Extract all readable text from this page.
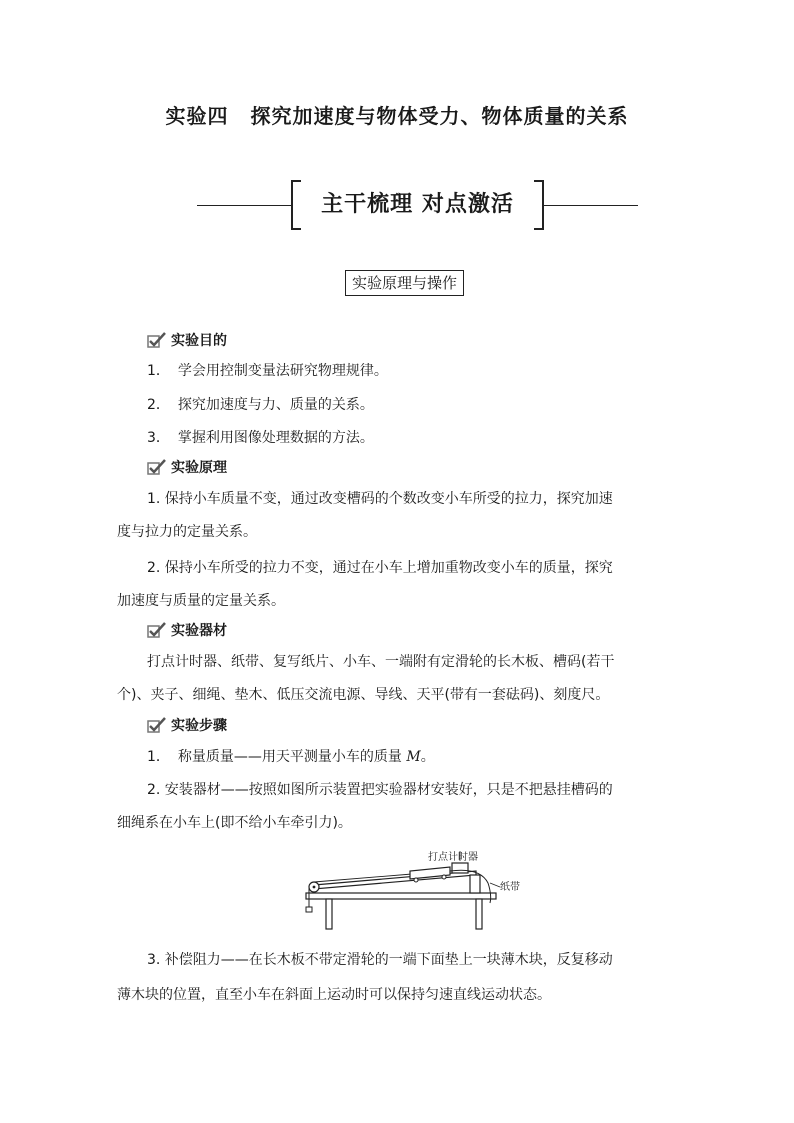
实验四 探究加速度与物体受力、物体质量的关系
主干梳理 对点激活
实验原理与操作
实验目的
1． 学会用控制变量法研究物理规律。
2． 探究加速度与力、质量的关系。
3． 掌握利用图像处理数据的方法。
实验原理
1. 保持小车质量不变，通过改变槽码的个数改变小车所受的拉力，探究加速
度与拉力的定量关系。
2. 保持小车所受的拉力不变，通过在小车上增加重物改变小车的质量，探究
加速度与质量的定量关系。
实验器材
打点计时器、纸带、复写纸片、小车、一端附有定滑轮的长木板、槽码(若干
个)、夹子、细绳、垫木、低压交流电源、导线、天平(带有一套砝码)、刻度尺。
实验步骤
1． 称量质量——用天平测量小车的质量 M。
2. 安装器材——按照如图所示装置把实验器材安装好，只是不把悬挂槽码的
细绳系在小车上(即不给小车牵引力)。
打点计时器
纸带
3. 补偿阻力——在长木板不带定滑轮的一端下面垫上一块薄木块，反复移动
薄木块的位置，直至小车在斜面上运动时可以保持匀速直线运动状态。
